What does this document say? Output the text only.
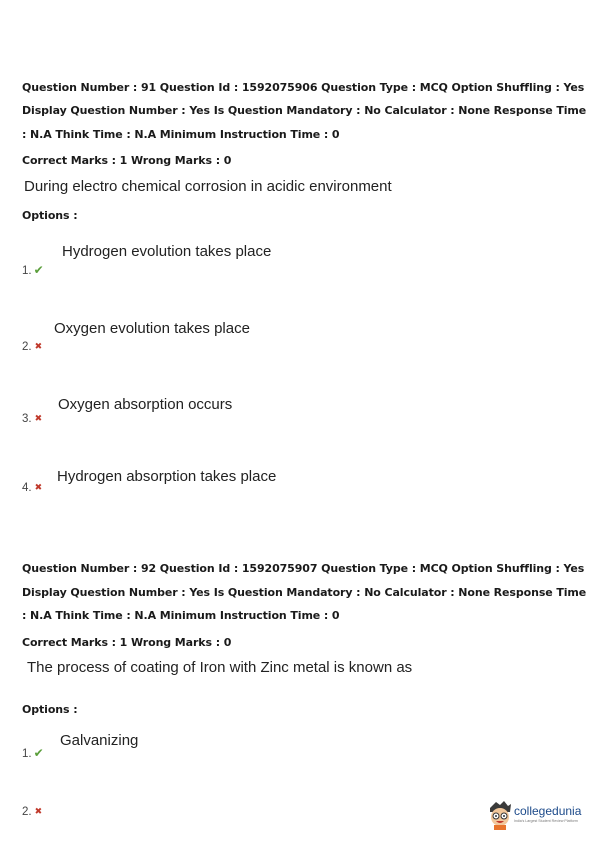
Question Number : 91 Question Id : 1592075906 Question Type : MCQ Option Shuffling : Yes
Display Question Number : Yes Is Question Mandatory : No Calculator : None Response Time
: N.A Think Time : N.A Minimum Instruction Time : 0
Correct Marks : 1 Wrong Marks : 0
During electro chemical corrosion in acidic environment
Options :
Hydrogen evolution takes place
1. ✔
Oxygen evolution takes place
2. ✖
Oxygen absorption occurs
3. ✖
Hydrogen absorption takes place
4. ✖
Question Number : 92 Question Id : 1592075907 Question Type : MCQ Option Shuffling : Yes
Display Question Number : Yes Is Question Mandatory : No Calculator : None Response Time
: N.A Think Time : N.A Minimum Instruction Time : 0
Correct Marks : 1 Wrong Marks : 0
The process of coating of Iron with Zinc metal is known as
Options :
Galvanizing
1. ✔
2. ✖	collegedunia
India's Largest Student Review Platform
